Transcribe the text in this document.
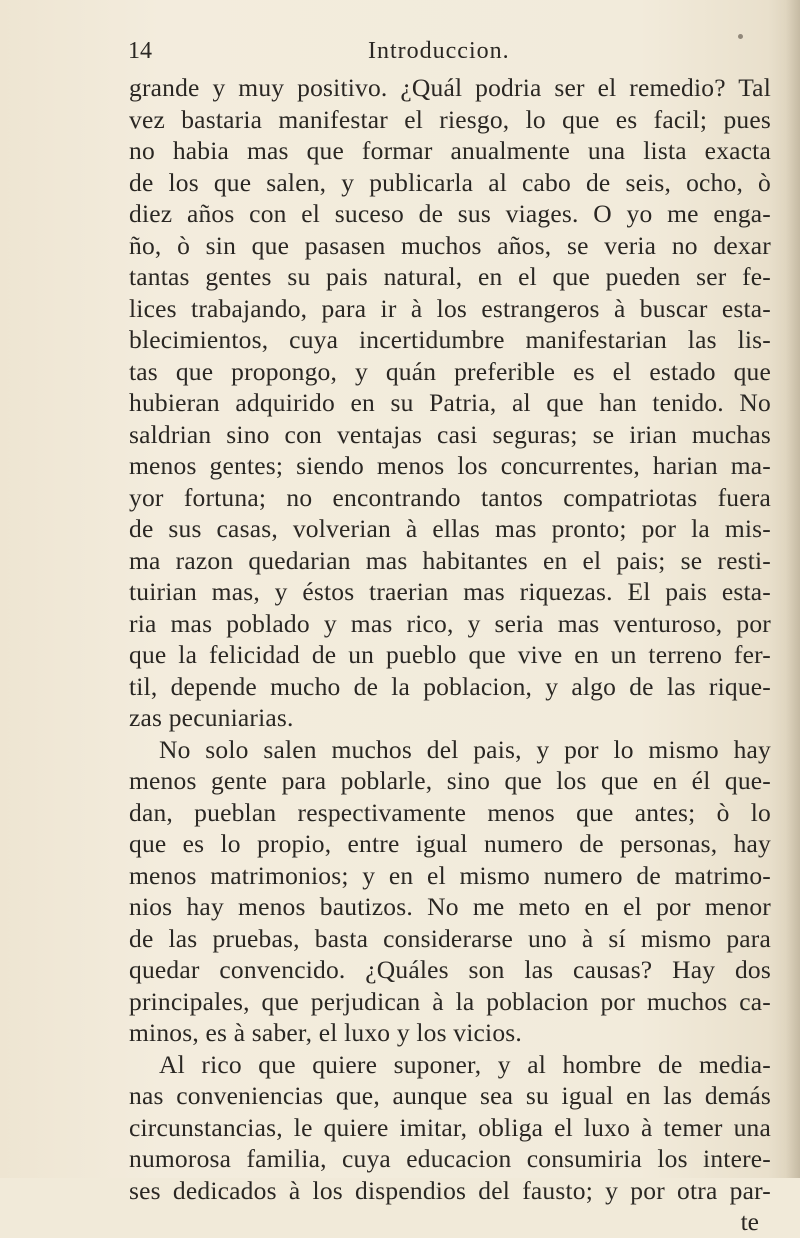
14	Introduccion.
grande y muy positivo. ¿Quál podria ser el remedio? Tal
vez bastaria manifestar el riesgo, lo que es facil; pues
no habia mas que formar anualmente una lista exacta
de los que salen, y publicarla al cabo de seis, ocho, ò
diez años con el suceso de sus viages. O yo me enga-
ño, ò sin que pasasen muchos años, se veria no dexar
tantas gentes su pais natural, en el que pueden ser fe-
lices trabajando, para ir à los estrangeros à buscar esta-
blecimientos, cuya incertidumbre manifestarian las lis-
tas que propongo, y quán preferible es el estado que
hubieran adquirido en su Patria, al que han tenido. No
saldrian sino con ventajas casi seguras; se irian muchas
menos gentes; siendo menos los concurrentes, harian ma-
yor fortuna; no encontrando tantos compatriotas fuera
de sus casas, volverian à ellas mas pronto; por la mis-
ma razon quedarian mas habitantes en el pais; se resti-
tuirian mas, y éstos traerian mas riquezas. El pais esta-
ria mas poblado y mas rico, y seria mas venturoso, por
que la felicidad de un pueblo que vive en un terreno fer-
til, depende mucho de la poblacion, y algo de las rique-
zas pecuniarias.
No solo salen muchos del pais, y por lo mismo hay
menos gente para poblarle, sino que los que en él que-
dan, pueblan respectivamente menos que antes; ò lo
que es lo propio, entre igual numero de personas, hay
menos matrimonios; y en el mismo numero de matrimo-
nios hay menos bautizos. No me meto en el por menor
de las pruebas, basta considerarse uno à sí mismo para
quedar convencido. ¿Quáles son las causas? Hay dos
principales, que perjudican à la poblacion por muchos ca-
minos, es à saber, el luxo y los vicios.
Al rico que quiere suponer, y al hombre de media-
nas conveniencias que, aunque sea su igual en las demás
circunstancias, le quiere imitar, obliga el luxo à temer una
numorosa familia, cuya educacion consumiria los intere-
ses dedicados à los dispendios del fausto; y por otra par-
te
